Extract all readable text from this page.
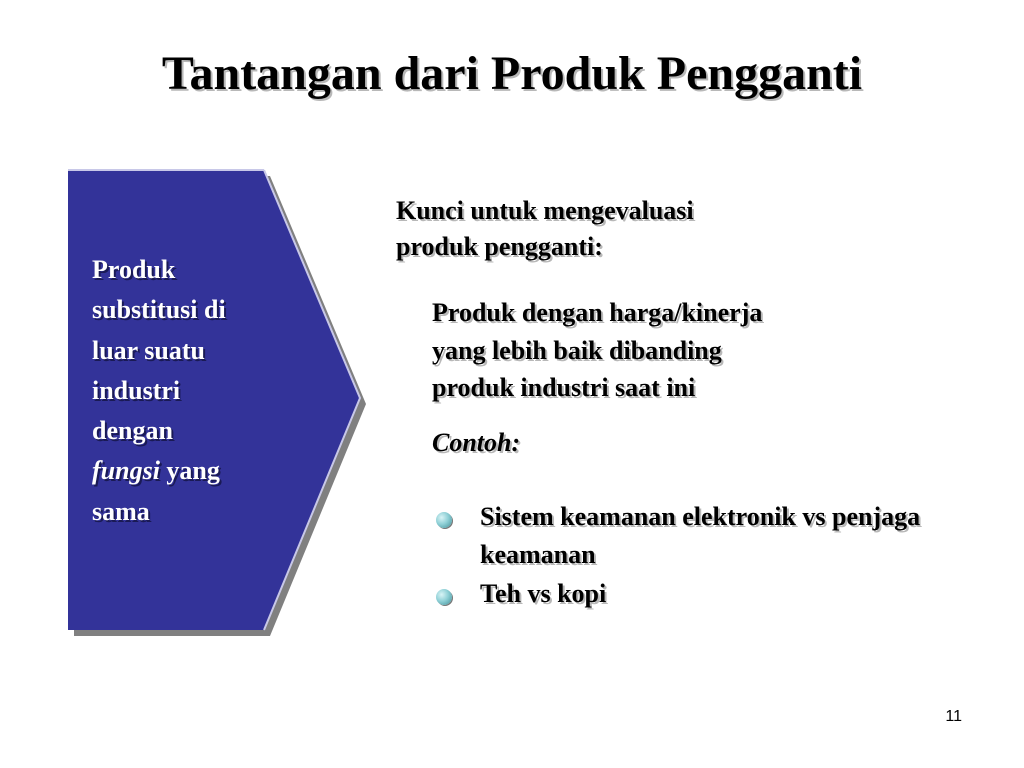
Tantangan dari Produk Pengganti
Produk
substitusi di
luar suatu
industri
dengan
fungsi yang
sama
Kunci untuk mengevaluasi
produk pengganti:
Produk dengan harga/kinerja
yang lebih baik dibanding
produk industri saat ini
Contoh:
Sistem keamanan elektronik vs penjaga keamanan
Teh vs kopi
11
